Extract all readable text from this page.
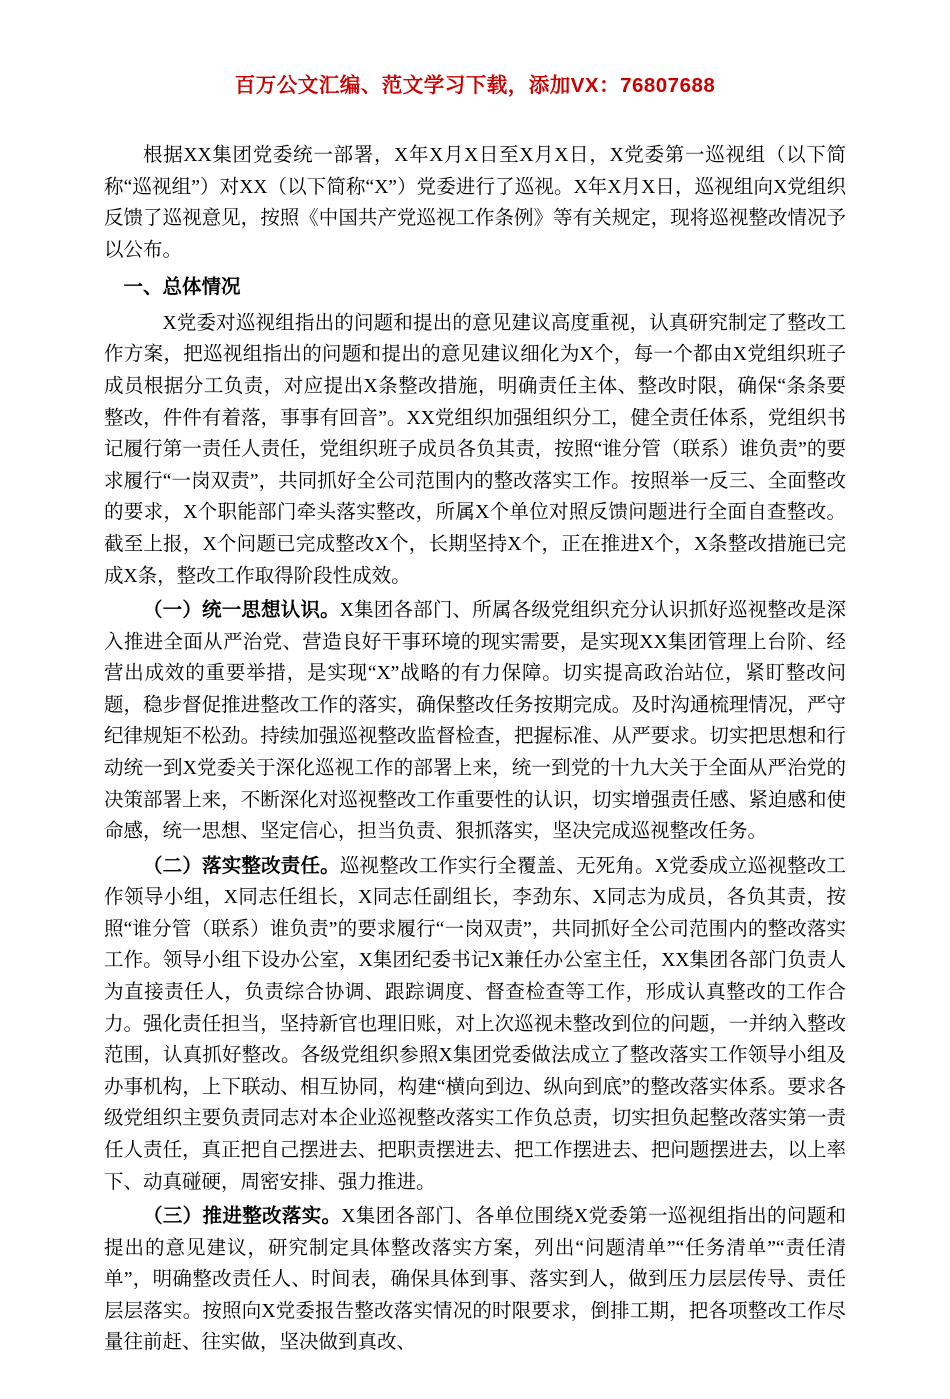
百万公文汇编、范文学习下载，添加VX：76807688

根据XX集团党委统一部署，X年X月X日至X月X日，X党委第一巡视组（以下简称“巡视组”）对XX（以下简称“X”）党委进行了巡视。X年X月X日，巡视组向X党组织反馈了巡视意见，按照《中国共产党巡视工作条例》等有关规定，现将巡视整改情况予以公布。

一、总体情况

X党委对巡视组指出的问题和提出的意见建议高度重视，认真研究制定了整改工作方案，把巡视组指出的问题和提出的意见建议细化为X个，每一个都由X党组织班子成员根据分工负责，对应提出X条整改措施，明确责任主体、整改时限，确保“条条要整改，件件有着落，事事有回音”。XX党组织加强组织分工，健全责任体系，党组织书记履行第一责任人责任，党组织班子成员各负其责，按照“谁分管（联系）谁负责”的要求履行“一岗双责”，共同抓好全公司范围内的整改落实工作。按照举一反三、全面整改的要求，X个职能部门牵头落实整改，所属X个单位对照反馈问题进行全面自查整改。截至上报，X个问题已完成整改X个，长期坚持X个，正在推进X个，X条整改措施已完成X条，整改工作取得阶段性成效。

（一）统一思想认识。X集团各部门、所属各级党组织充分认识抓好巡视整改是深入推进全面从严治党、营造良好干事环境的现实需要，是实现XX集团管理上台阶、经营出成效的重要举措，是实现“X”战略的有力保障。切实提高政治站位，紧盯整改问题，稳步督促推进整改工作的落实，确保整改任务按期完成。及时沟通梳理情况，严守纪律规矩不松劲。持续加强巡视整改监督检查，把握标准、从严要求。切实把思想和行动统一到X党委关于深化巡视工作的部署上来，统一到党的十九大关于全面从严治党的决策部署上来，不断深化对巡视整改工作重要性的认识，切实增强责任感、紧迫感和使命感，统一思想、坚定信心，担当负责、狠抓落实，坚决完成巡视整改任务。

（二）落实整改责任。巡视整改工作实行全覆盖、无死角。X党委成立巡视整改工作领导小组，X同志任组长，X同志任副组长，李劲东、X同志为成员，各负其责，按照“谁分管（联系）谁负责”的要求履行“一岗双责”，共同抓好全公司范围内的整改落实工作。领导小组下设办公室，X集团纪委书记X兼任办公室主任，XX集团各部门负责人为直接责任人，负责综合协调、跟踪调度、督查检查等工作，形成认真整改的工作合力。强化责任担当，坚持新官也理旧账，对上次巡视未整改到位的问题，一并纳入整改范围，认真抓好整改。各级党组织参照X集团党委做法成立了整改落实工作领导小组及办事机构，上下联动、相互协同，构建“横向到边、纵向到底”的整改落实体系。要求各级党组织主要负责同志对本企业巡视整改落实工作负总责，切实担负起整改落实第一责任人责任，真正把自己摆进去、把职责摆进去、把工作摆进去、把问题摆进去，以上率下、动真碰硬，周密安排、强力推进。

（三）推进整改落实。X集团各部门、各单位围绕X党委第一巡视组指出的问题和提出的意见建议，研究制定具体整改落实方案，列出“问题清单”“任务清单”“责任清单”，明确整改责任人、时间表，确保具体到事、落实到人，做到压力层层传导、责任层层落实。按照向X党委报告整改落实情况的时限要求，倒排工期，把各项整改工作尽量往前赶、往实做，坚决做到真改、
